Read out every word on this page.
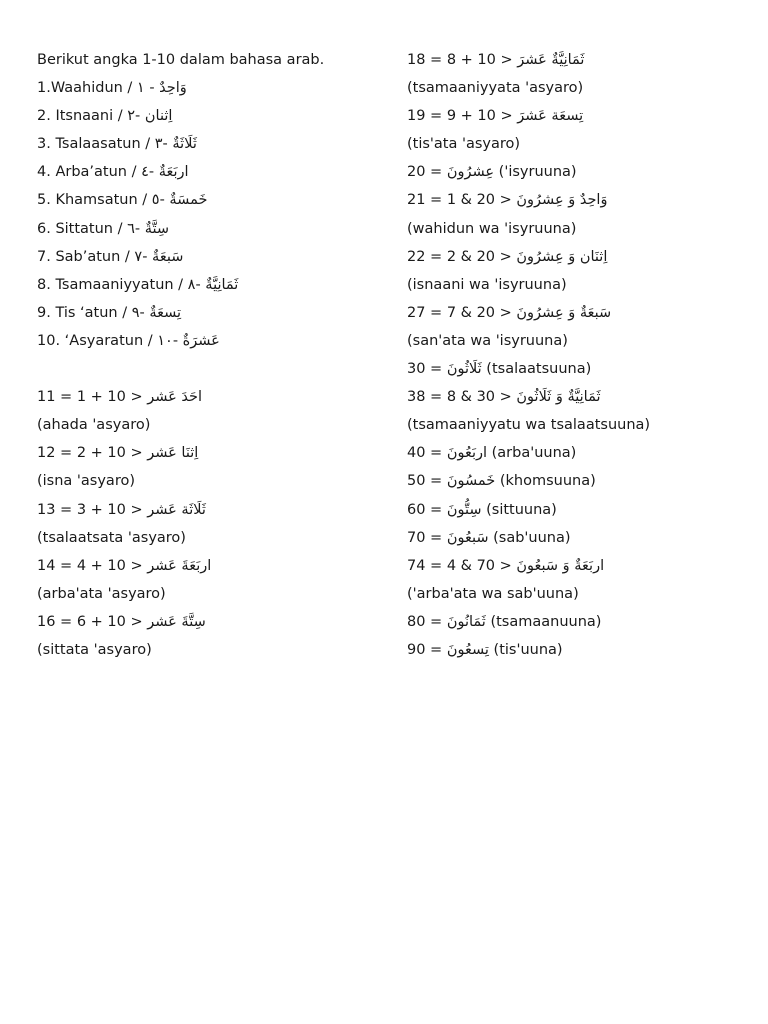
Berikut angka 1-10 dalam bahasa arab.
1.Waahidun / وَاحِدٌ - ١
2. Itsnaani / اِثنان -٢
3. Tsalaasatun / ثَلَاثَةٌ -٣
4. Arba’atun / اربَعَةٌ -٤
5. Khamsatun / خَمسَةٌ -٥
6. Sittatun / سِتَّةٌ -٦
7. Sab’atun / سَبعَةٌ -٧
8. Tsamaaniyyatun / ثَمَانِيَّةٌ -٨
9. Tis ‘atun / تِسعَةٌ -٩
10. ‘Asyaratun / عَشرَةٌ -١٠
11 = 1 + 10 > احَدَ عَشر
(ahada 'asyaro)
12 = 2 + 10 > اِثنَا عَشر
(isna 'asyaro)
13 = 3 + 10 > ثَلَاثَة عَشر
(tsalaatsata 'asyaro)
14 = 4 + 10 > اربَعَةَ عَشر
(arba'ata 'asyaro)
16 = 6 + 10 > سِتَّةَ عَشر
(sittata 'asyaro)
18 = 8 + 10 > ثَمَانِيَّةٌ عَشرَ
(tsamaaniyyata 'asyaro)
19 = 9 + 10 > تِسعَة عَشرَ
(tis'ata 'asyaro)
20 = عِشرُونَ ('isyruuna)
21 = 1 & 20 > وَاحِدٌ وَ عِشرُونَ
(wahidun wa 'isyruuna)
22 = 2 & 20 > اِثنَان وَ عِشرُونَ
(isnaani wa 'isyruuna)
27 = 7 & 20 > سَبعَةٌ وَ عِشرُونَ
(san'ata wa 'isyruuna)
30 = ثَلَاثُونَ (tsalaatsuuna)
38 = 8 & 30 > ثَمَانِيَّةٌ وَ ثَلَاثُونَ
(tsamaaniyyatu wa tsalaatsuuna)
40 = اربَعُونَ (arba'uuna)
50 = خَمسُونَ (khomsuuna)
60 = سِتُّونَ (sittuuna)
70 = سَبعُونَ (sab'uuna)
74 = 4 & 70 > اربَعَةٌ وَ سَبعُونَ
('arba'ata wa sab'uuna)
80 = ثَمَانُونَ (tsamaanuuna)
90 = تِسعُونَ (tis'uuna)
